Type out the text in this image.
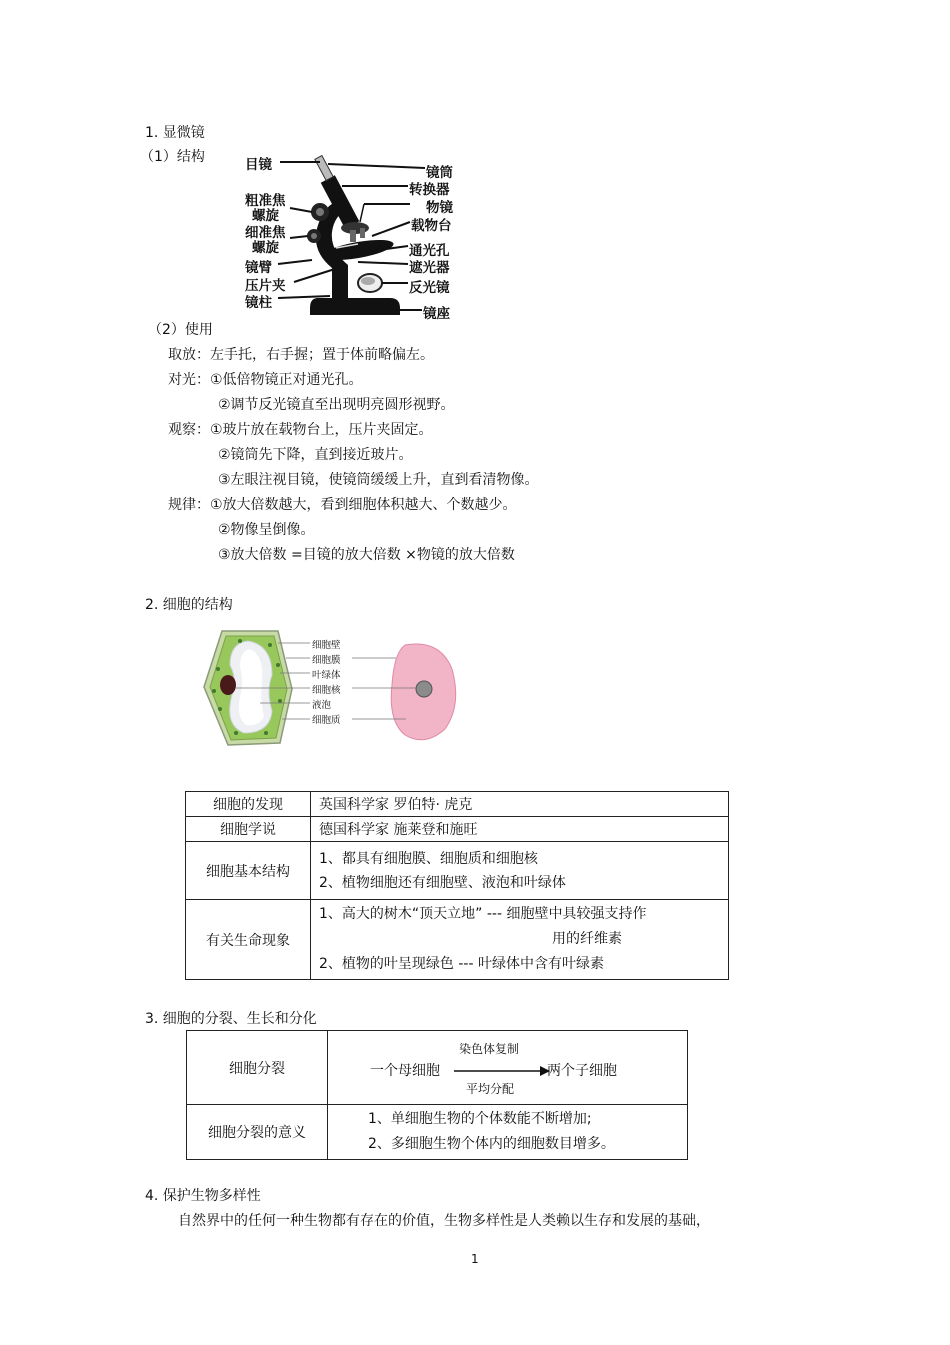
1. 显微镜
（1）结构	目镜
粗准焦
螺旋
细准焦
螺旋
镜臂
压片夹
镜柱
镜筒
转换器
物镜
载物台
通光孔
遮光器
反光镜
镜座
（2）使用
取放：左手托，右手握；置于体前略偏左。
对光：①低倍物镜正对通光孔。
②调节反光镜直至出现明亮圆形视野。
观察：①玻片放在载物台上，压片夹固定。
②镜筒先下降，直到接近玻片。
③左眼注视目镜，使镜筒缓缓上升，直到看清物像。
规律：①放大倍数越大，看到细胞体积越大、个数越少。
②物像呈倒像。
③放大倍数 =目镜的放大倍数 ×物镜的放大倍数
2. 细胞的结构
细胞壁
细胞膜
叶绿体
细胞核
液泡
细胞质
细胞的发现	英国科学家 罗伯特· 虎克
细胞学说	德国科学家 施莱登和施旺
细胞基本结构	1、都具有细胞膜、细胞质和细胞核
2、植物细胞还有细胞壁、液泡和叶绿体

有关生命现象	1、高大的树木“顶天立地” --- 细胞壁中具较强支持作
用的纤维素
2、植物的叶呈现绿色 --- 叶绿体中含有叶绿素
3. 细胞的分裂、生长和分化
细胞分裂	一个母细胞
染色体复制
平均分配
两个子细胞

细胞分裂的意义	1、单细胞生物的个体数能不断增加;
2、多细胞生物个体内的细胞数目增多。
4. 保护生物多样性
自然界中的任何一种生物都有存在的价值，生物多样性是人类赖以生存和发展的基础，
1
